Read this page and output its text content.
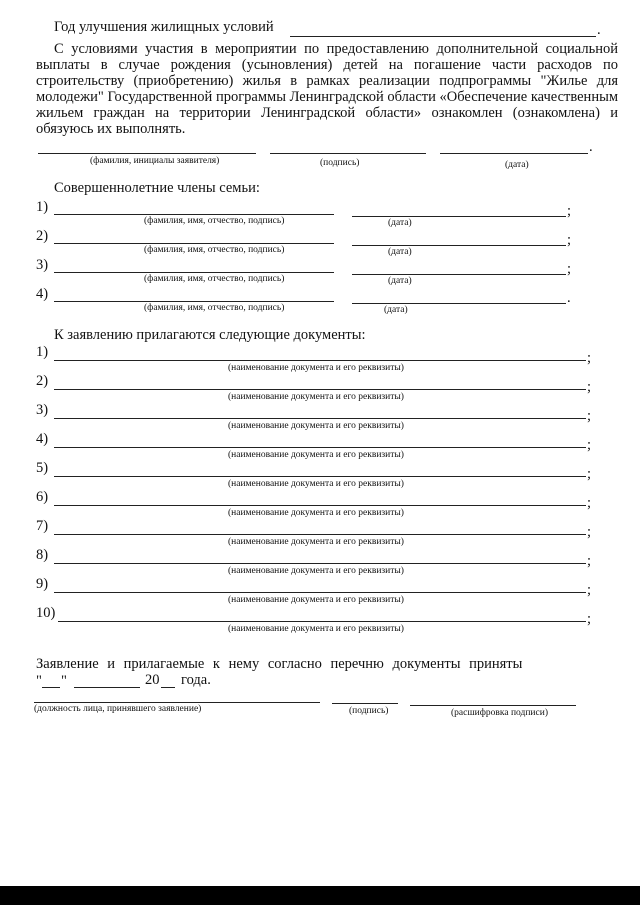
Год улучшения жилищных условий	.
С условиями участия в мероприятии по предоставлению дополнительной социальной выплаты в случае рождения (усыновления) детей на погашение части расходов по строительству (приобретению) жилья в рамках реализации подпрограммы "Жилье для молодежи" Государственной программы Ленинградской области «Обеспечение качественным жильем граждан на территории Ленинградской области» ознакомлен (ознакомлена) и обязуюсь их выполнять.
.
(фамилия, инициалы заявителя)	(подпись)	(дата)
Совершеннолетние члены семьи:
1)	;
(фамилия, имя, отчество, подпись)	(дата)
2)	;
(фамилия, имя, отчество, подпись)	(дата)
3)	;
(фамилия, имя, отчество, подпись)	(дата)
4)	.
(фамилия, имя, отчество, подпись)	(дата)
К заявлению прилагаются следующие документы:
1)	;
(наименование документа и его реквизиты)
2)	;
(наименование документа и его реквизиты)
3)	;
(наименование документа и его реквизиты)
4)	;
(наименование документа и его реквизиты)
5)	;
(наименование документа и его реквизиты)
6)	;
(наименование документа и его реквизиты)
7)	;
(наименование документа и его реквизиты)
8)	;
(наименование документа и его реквизиты)
9)	;
(наименование документа и его реквизиты)
10)	;
(наименование документа и его реквизиты)
Заявление и прилагаемые к нему согласно перечню документы приняты
" "	20 года.
(должность лица, принявшего заявление)	(подпись)	(расшифровка подписи)
